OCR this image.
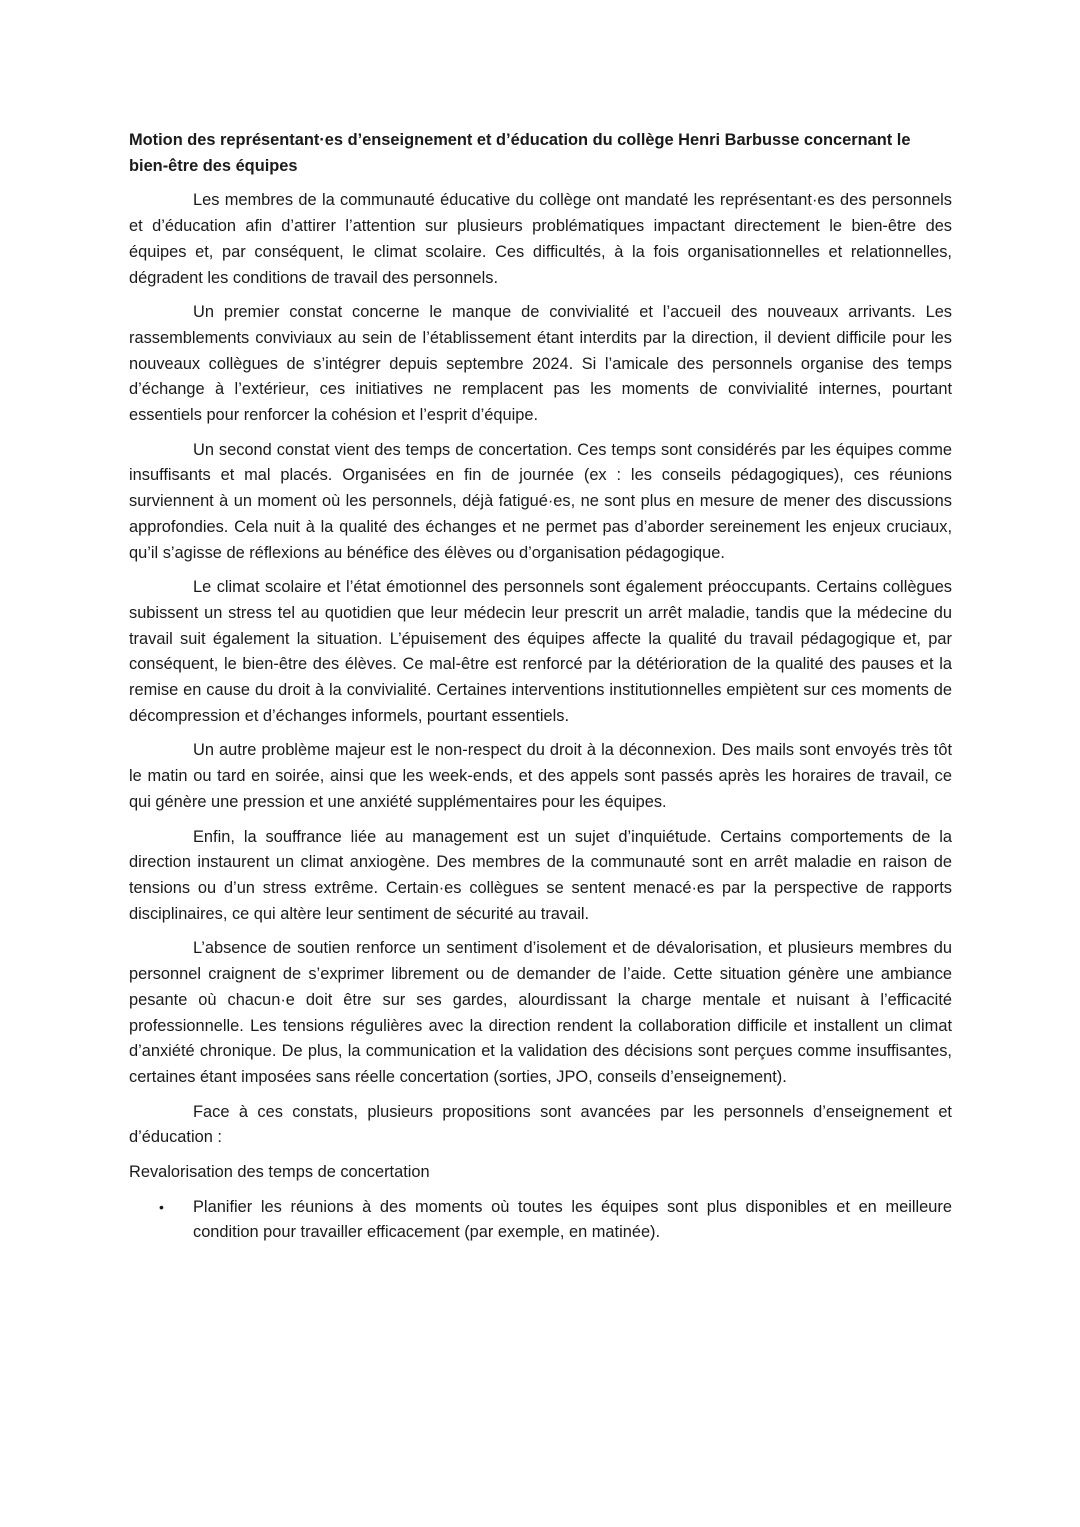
Motion des représentant·es d’enseignement et d’éducation du collège Henri Barbusse concernant le bien-être des équipes

Les membres de la communauté éducative du collège ont mandaté les représentant·es des personnels et d’éducation afin d’attirer l’attention sur plusieurs problématiques impactant directement le bien-être des équipes et, par conséquent, le climat scolaire. Ces difficultés, à la fois organisationnelles et relationnelles, dégradent les conditions de travail des personnels.

Un premier constat concerne le manque de convivialité et l’accueil des nouveaux arrivants. Les rassemblements conviviaux au sein de l’établissement étant interdits par la direction, il devient difficile pour les nouveaux collègues de s’intégrer depuis septembre 2024. Si l’amicale des personnels organise des temps d’échange à l’extérieur, ces initiatives ne remplacent pas les moments de convivialité internes, pourtant essentiels pour renforcer la cohésion et l’esprit d’équipe.

Un second constat vient des temps de concertation. Ces temps sont considérés par les équipes comme insuffisants et mal placés. Organisées en fin de journée (ex : les conseils pédagogiques), ces réunions surviennent à un moment où les personnels, déjà fatigué·es, ne sont plus en mesure de mener des discussions approfondies. Cela nuit à la qualité des échanges et ne permet pas d’aborder sereinement les enjeux cruciaux, qu’il s’agisse de réflexions au bénéfice des élèves ou d’organisation pédagogique.

Le climat scolaire et l’état émotionnel des personnels sont également préoccupants. Certains collègues subissent un stress tel au quotidien que leur médecin leur prescrit un arrêt maladie, tandis que la médecine du travail suit également la situation. L’épuisement des équipes affecte la qualité du travail pédagogique et, par conséquent, le bien-être des élèves. Ce mal-être est renforcé par la détérioration de la qualité des pauses et la remise en cause du droit à la convivialité. Certaines interventions institutionnelles empiètent sur ces moments de décompression et d’échanges informels, pourtant essentiels.

Un autre problème majeur est le non-respect du droit à la déconnexion. Des mails sont envoyés très tôt le matin ou tard en soirée, ainsi que les week-ends, et des appels sont passés après les horaires de travail, ce qui génère une pression et une anxiété supplémentaires pour les équipes.

Enfin, la souffrance liée au management est un sujet d’inquiétude. Certains comportements de la direction instaurent un climat anxiogène. Des membres de la communauté sont en arrêt maladie en raison de tensions ou d’un stress extrême. Certain·es collègues se sentent menacé·es par la perspective de rapports disciplinaires, ce qui altère leur sentiment de sécurité au travail.

L’absence de soutien renforce un sentiment d’isolement et de dévalorisation, et plusieurs membres du personnel craignent de s’exprimer librement ou de demander de l’aide. Cette situation génère une ambiance pesante où chacun·e doit être sur ses gardes, alourdissant la charge mentale et nuisant à l’efficacité professionnelle. Les tensions régulières avec la direction rendent la collaboration difficile et installent un climat d’anxiété chronique. De plus, la communication et la validation des décisions sont perçues comme insuffisantes, certaines étant imposées sans réelle concertation (sorties, JPO, conseils d’enseignement).

Face à ces constats, plusieurs propositions sont avancées par les personnels d’enseignement et d’éducation :

Revalorisation des temps de concertation

• Planifier les réunions à des moments où toutes les équipes sont plus disponibles et en meilleure condition pour travailler efficacement (par exemple, en matinée).
